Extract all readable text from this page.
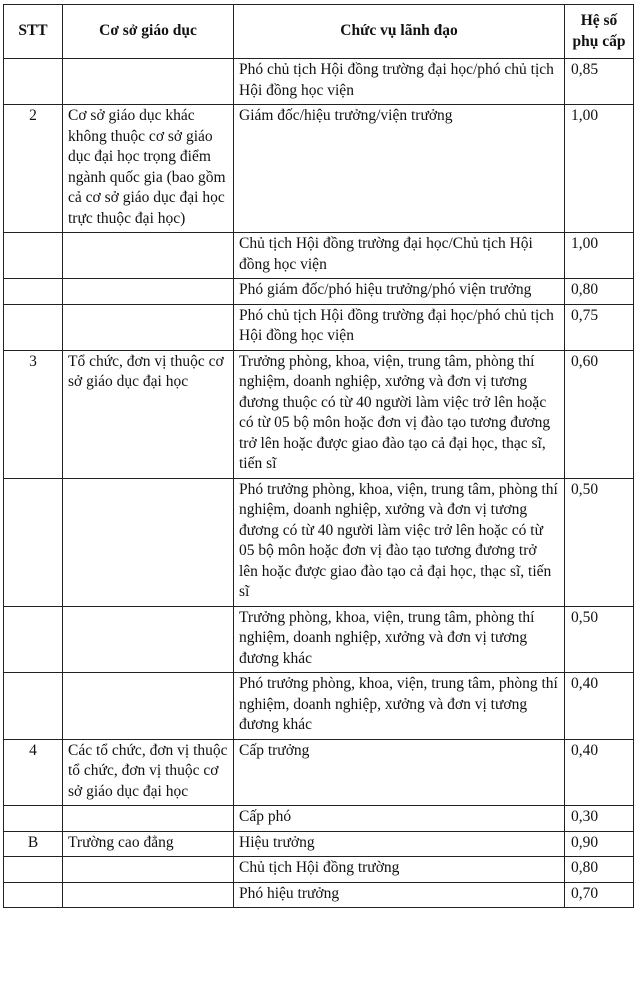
STT	Cơ sở giáo dục	Chức vụ lãnh đạo	Hệ số phụ cấp
		Phó chủ tịch Hội đồng trường đại học/phó chủ tịch Hội đồng học viện	0,85
2	Cơ sở giáo dục khác không thuộc cơ sở giáo dục đại học trọng điểm ngành quốc gia (bao gồm cả cơ sở giáo dục đại học trực thuộc đại học)	Giám đốc/hiệu trưởng/viện trưởng	1,00
		Chủ tịch Hội đồng trường đại học/Chủ tịch Hội đồng học viện	1,00
		Phó giám đốc/phó hiệu trưởng/phó viện trưởng	0,80
		Phó chủ tịch Hội đồng trường đại học/phó chủ tịch Hội đồng học viện	0,75
3	Tổ chức, đơn vị thuộc cơ sở giáo dục đại học	Trưởng phòng, khoa, viện, trung tâm, phòng thí nghiệm, doanh nghiệp, xưởng và đơn vị tương đương thuộc có từ 40 người làm việc trở lên hoặc có từ 05 bộ môn hoặc đơn vị đào tạo tương đương trở lên hoặc được giao đào tạo cả đại học, thạc sĩ, tiến sĩ	0,60
		Phó trưởng phòng, khoa, viện, trung tâm, phòng thí nghiệm, doanh nghiệp, xưởng và đơn vị tương đương có từ 40 người làm việc trở lên hoặc có từ 05 bộ môn hoặc đơn vị đào tạo tương đương trở lên hoặc được giao đào tạo cả đại học, thạc sĩ, tiến sĩ	0,50
		Trưởng phòng, khoa, viện, trung tâm, phòng thí nghiệm, doanh nghiệp, xưởng và đơn vị tương đương khác	0,50
		Phó trưởng phòng, khoa, viện, trung tâm, phòng thí nghiệm, doanh nghiệp, xưởng và đơn vị tương đương khác	0,40
4	Các tổ chức, đơn vị thuộc tổ chức, đơn vị thuộc cơ sở giáo dục đại học	Cấp trưởng	0,40
		Cấp phó	0,30
B	Trường cao đẳng	Hiệu trưởng	0,90
		Chủ tịch Hội đồng trường	0,80
		Phó hiệu trưởng	0,70
